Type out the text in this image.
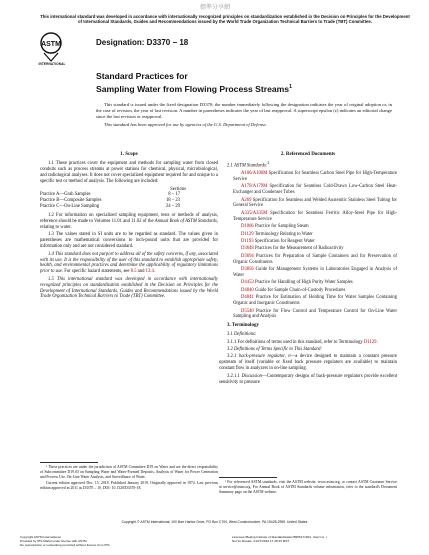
標準分享網
This international standard was developed in accordance with internationally recognized principles on standardization established in the Decision on Principles for the Development of International Standards, Guides and Recommendations issued by the World Trade Organization Technical Barriers to Trade (TBT) Committee.
ASTM
INTERNATIONAL
Designation: D3370 − 18
Standard Practices for
Sampling Water from Flowing Process Streams$^1$

This standard is issued under the fixed designation D3370; the number immediately following the designation indicates the year of original adoption or, in the case of revision, the year of last revision. A number in parentheses indicates the year of last reapproval. A superscript epsilon (ε) indicates an editorial change since the last revision or reapproval.

This standard has been approved for use by agencies of the U.S. Department of Defense.

1. Scope

1.1 These practices cover the equipment and methods for sampling water from closed conduits such as process streams at power stations for chemical, physical, microbiological, and radiological analyses. It does not cover specialized equipment required for and unique to a specific test or method of analysis. The following are included:

Sections
Practice A—Grab Samples	8 – 17
Practice B—Composite Samples	18 – 23
Practice C—On-Line Sampling	24 – 29

1.2 For information on specialized sampling equipment, tests or methods of analysis, reference should be made to Volumes 11.01 and 11.02 of the Annual Book of ASTM Standards, relating to water.

1.3 The values stated in SI units are to be regarded as standard. The values given in parentheses are mathematical conversions to inch-pound units that are provided for information only and are not considered standard.

1.4 This standard does not purport to address all of the safety concerns, if any, associated with its use. It is the responsibility of the user of this standard to establish appropriate safety, health, and environmental practices and determine the applicability of regulatory limitations prior to use. For specific hazard statements, see 8.5 and 13.4.

1.5 This international standard was developed in accordance with internationally recognized principles on standardization established in the Decision on Principles for the Development of International Standards, Guides and Recommendations issued by the World Trade Organization Technical Barriers to Trade (TBT) Committee.

2. Referenced Documents

2.1 ASTM Standards:$^2$

A106/A106M Specification for Seamless Carbon Steel Pipe for High-Temperature Service

A179/A179M Specification for Seamless Cold-Drawn Low-Carbon Steel Heat-Exchanger and Condenser Tubes

A269 Specification for Seamless and Welded Austenitic Stainless Steel Tubing for General Service

A335/A335M Specification for Seamless Ferritic Alloy-Steel Pipe for High-Temperature Service

D1066 Practice for Sampling Steam

D1129 Terminology Relating to Water

D1193 Specification for Reagent Water

D3648 Practices for the Measurement of Radioactivity

D3694 Practices for Preparation of Sample Containers and for Preservation of Organic Constituents

D3856 Guide for Management Systems in Laboratories Engaged in Analysis of Water

D4453 Practice for Handling of High Purity Water Samples

D4840 Guide for Sample Chain-of-Custody Procedures

D4841 Practice for Estimation of Holding Time for Water Samples Containing Organic and Inorganic Constituents

D5540 Practice for Flow Control and Temperature Control for On-Line Water Sampling and Analysis

3. Terminology

3.1 Definitions:

3.1.1 For definitions of terms used in this standard, refer to Terminology D1129.

3.2 Definitions of Terms Specific to This Standard:

3.2.1 back-pressure regulator, n—a device designed to maintain a constant pressure upstream of itself (variable or fixed back pressure regulators are available) to maintain constant flow in analyzers in on-line sampling.

3.2.1.1 Discussion—Contemporary designs of back-pressure regulators provide excellent sensitivity to pressure

¹ These practices are under the jurisdiction of ASTM Committee D19 on Water and are the direct responsibility of Subcommittee D19.03 on Sampling Water and Water-Formed Deposits, Analysis of Water for Power Generation and Process Use, On-Line Water Analysis, and Surveillance of Water.

Current edition approved Dec. 15, 2018. Published January 2019. Originally approved in 1974. Last previous edition approved in 2011 as D3370 – 10. DOI: 10.1520/D3370-18.

² For referenced ASTM standards, visit the ASTM website, www.astm.org, or contact ASTM Customer Service at service@astm.org. For Annual Book of ASTM Standards volume information, refer to the standard's Document Summary page on the ASTM website.

Copyright © ASTM International, 100 Barr Harbor Drive, PO Box C700, West Conshohocken, PA 19428-2959. United States
Copyright ASTM International
Provided by IHS Markit under license with ASTM
No reproduction or networking permitted without license from IHS
Licensee=Beijing Institute of Standardization/5956171001, User=xx, r
Not for Resale, 01/27/2019 17:48:43 MST
